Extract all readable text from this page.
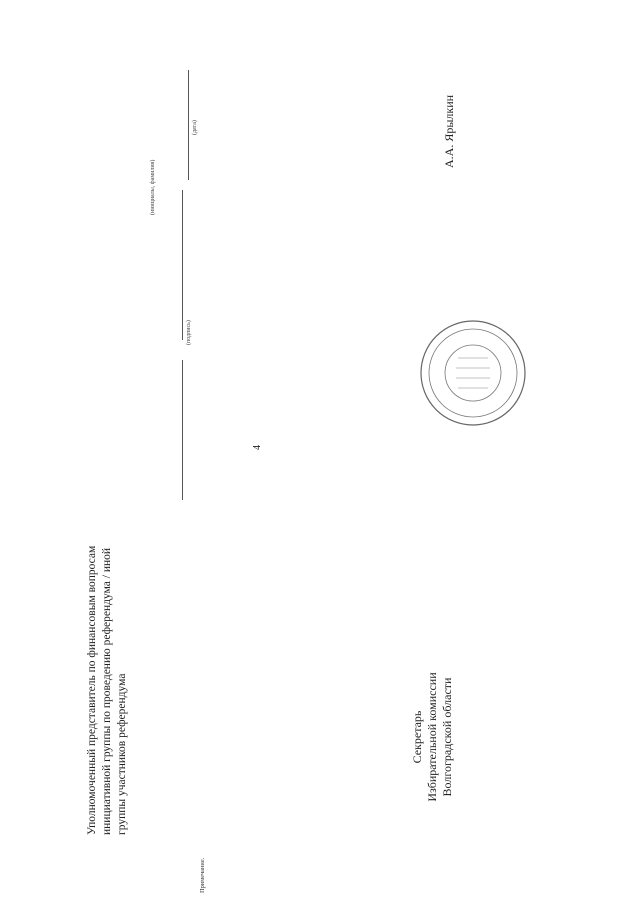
4
Уполномоченный представитель по финансовым вопросам инициативной группы по проведению референдума / иной группы участников референдума
(подпись)
(инициалы, фамилия)
(дата)
Примечание.
Секретарь Избирательной комиссии Волгоградской области
А.А. Ярылкин
